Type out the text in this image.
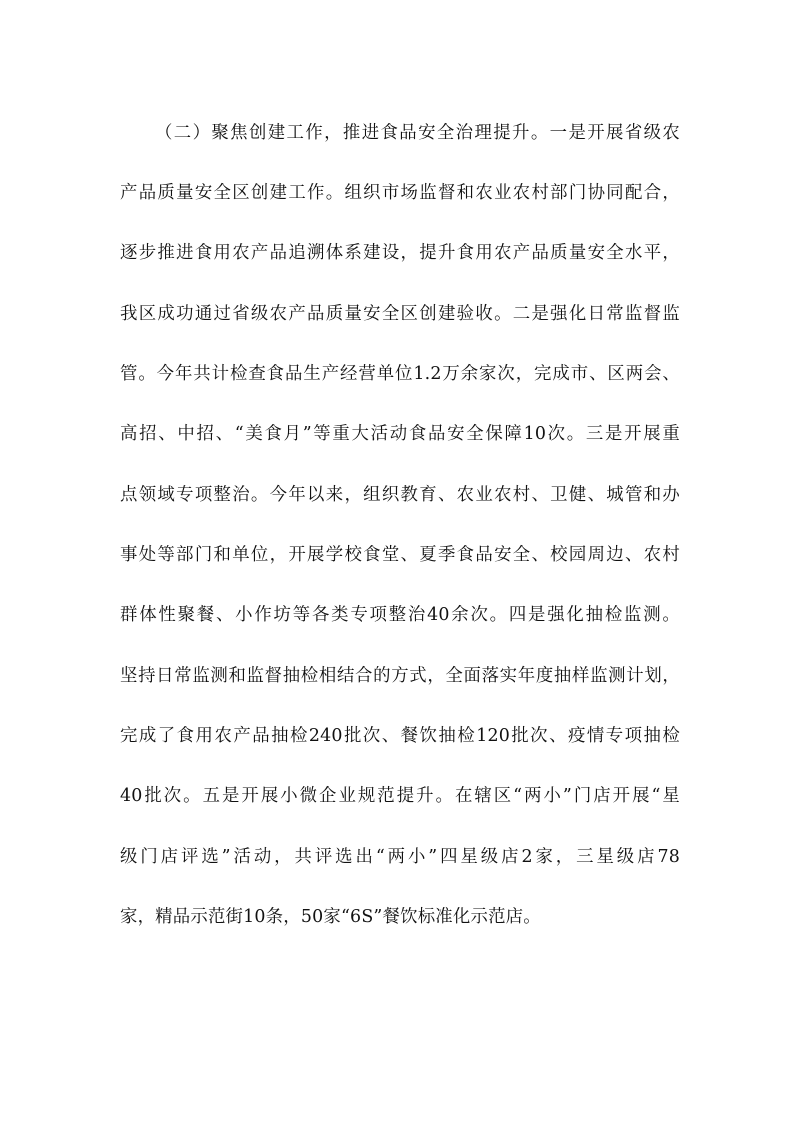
（二）聚焦创建工作，推进食品安全治理提升。一是开展省级农
产品质量安全区创建工作。组织市场监督和农业农村部门协同配合，
逐步推进食用农产品追溯体系建设，提升食用农产品质量安全水平，
我区成功通过省级农产品质量安全区创建验收。二是强化日常监督监
管。今年共计检查食品生产经营单位1.2万余家次，完成市、区两会、
高招、中招、“美食月”等重大活动食品安全保障10次。三是开展重
点领域专项整治。今年以来，组织教育、农业农村、卫健、城管和办
事处等部门和单位，开展学校食堂、夏季食品安全、校园周边、农村
群体性聚餐、小作坊等各类专项整治40余次。四是强化抽检监测。
坚持日常监测和监督抽检相结合的方式，全面落实年度抽样监测计划，
完成了食用农产品抽检240批次、餐饮抽检120批次、疫情专项抽检
40批次。五是开展小微企业规范提升。在辖区“两小”门店开展“星
级门店评选”活动，共评选出“两小”四星级店2家，三星级店78
家，精品示范街10条，50家“6S”餐饮标准化示范店。
